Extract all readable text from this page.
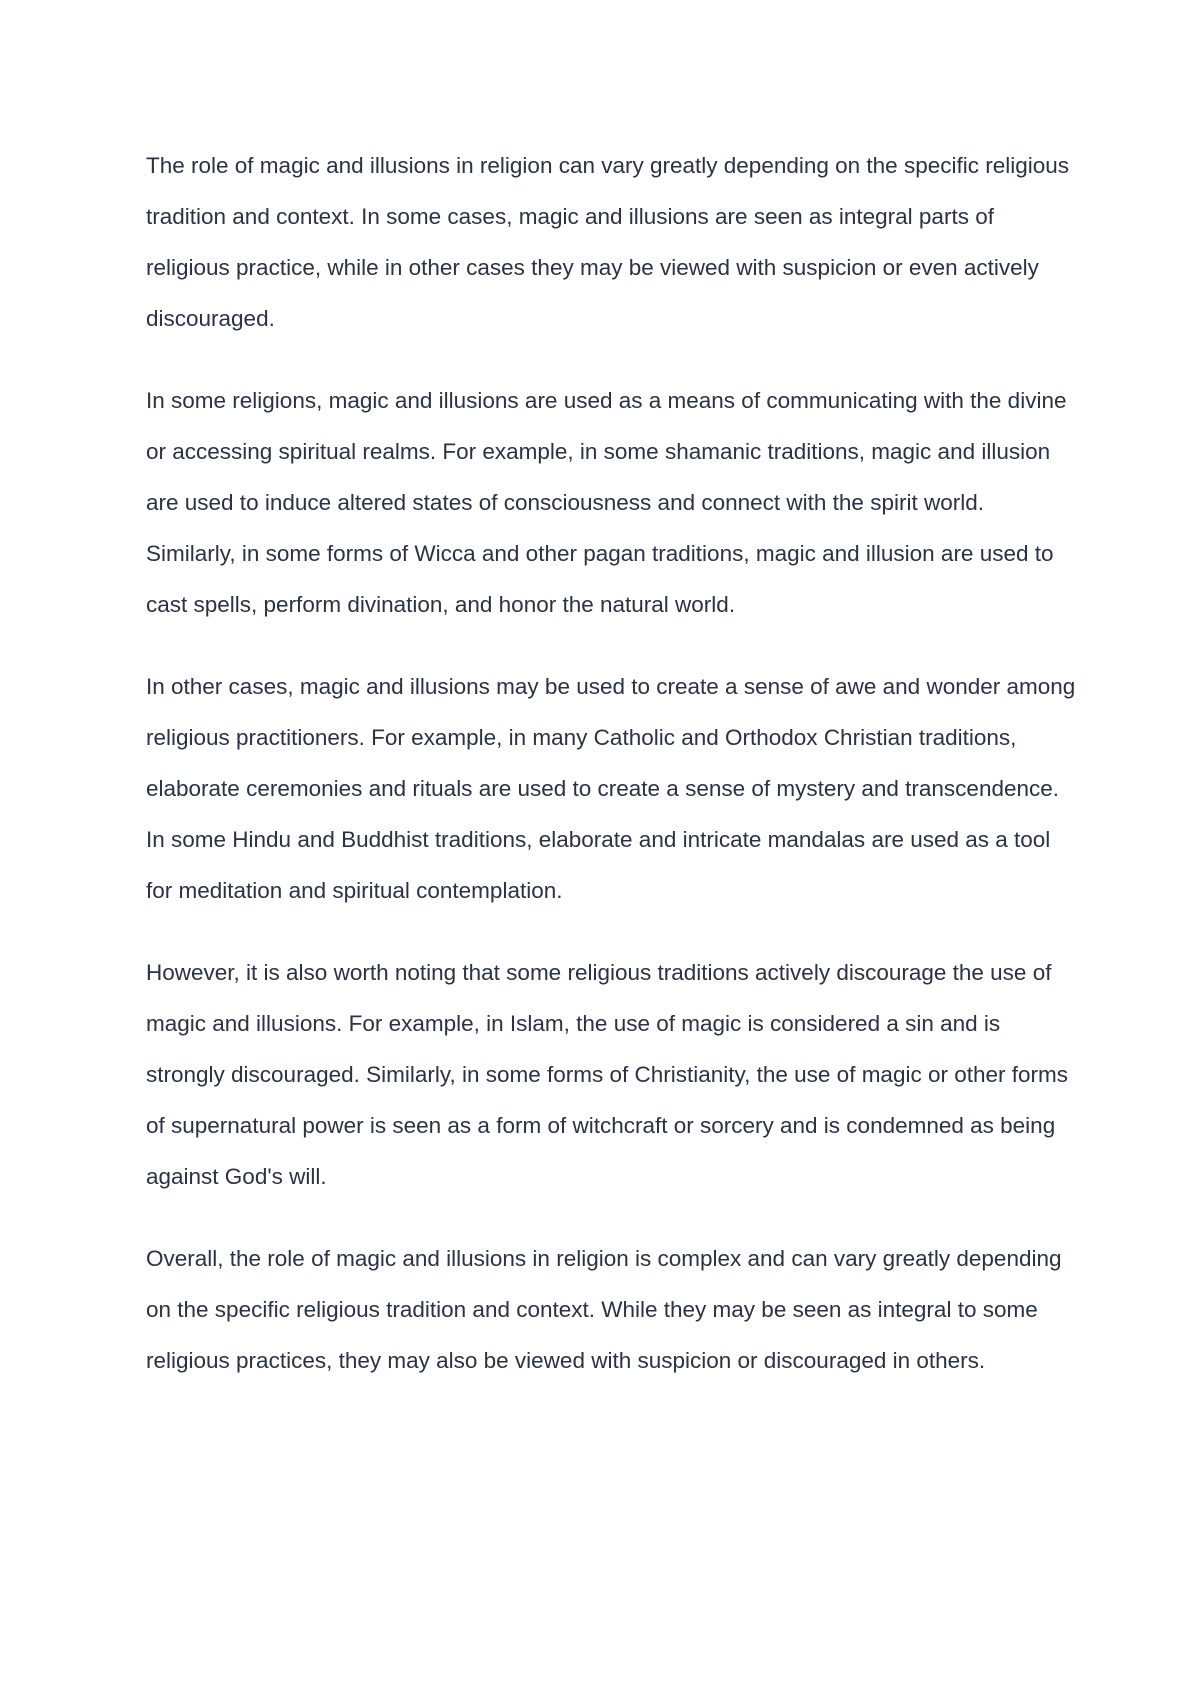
The role of magic and illusions in religion can vary greatly depending on the specific religious tradition and context. In some cases, magic and illusions are seen as integral parts of religious practice, while in other cases they may be viewed with suspicion or even actively discouraged.

In some religions, magic and illusions are used as a means of communicating with the divine or accessing spiritual realms. For example, in some shamanic traditions, magic and illusion are used to induce altered states of consciousness and connect with the spirit world. Similarly, in some forms of Wicca and other pagan traditions, magic and illusion are used to cast spells, perform divination, and honor the natural world.

In other cases, magic and illusions may be used to create a sense of awe and wonder among religious practitioners. For example, in many Catholic and Orthodox Christian traditions, elaborate ceremonies and rituals are used to create a sense of mystery and transcendence. In some Hindu and Buddhist traditions, elaborate and intricate mandalas are used as a tool for meditation and spiritual contemplation.

However, it is also worth noting that some religious traditions actively discourage the use of magic and illusions. For example, in Islam, the use of magic is considered a sin and is strongly discouraged. Similarly, in some forms of Christianity, the use of magic or other forms of supernatural power is seen as a form of witchcraft or sorcery and is condemned as being against God's will.

Overall, the role of magic and illusions in religion is complex and can vary greatly depending on the specific religious tradition and context. While they may be seen as integral to some religious practices, they may also be viewed with suspicion or discouraged in others.
